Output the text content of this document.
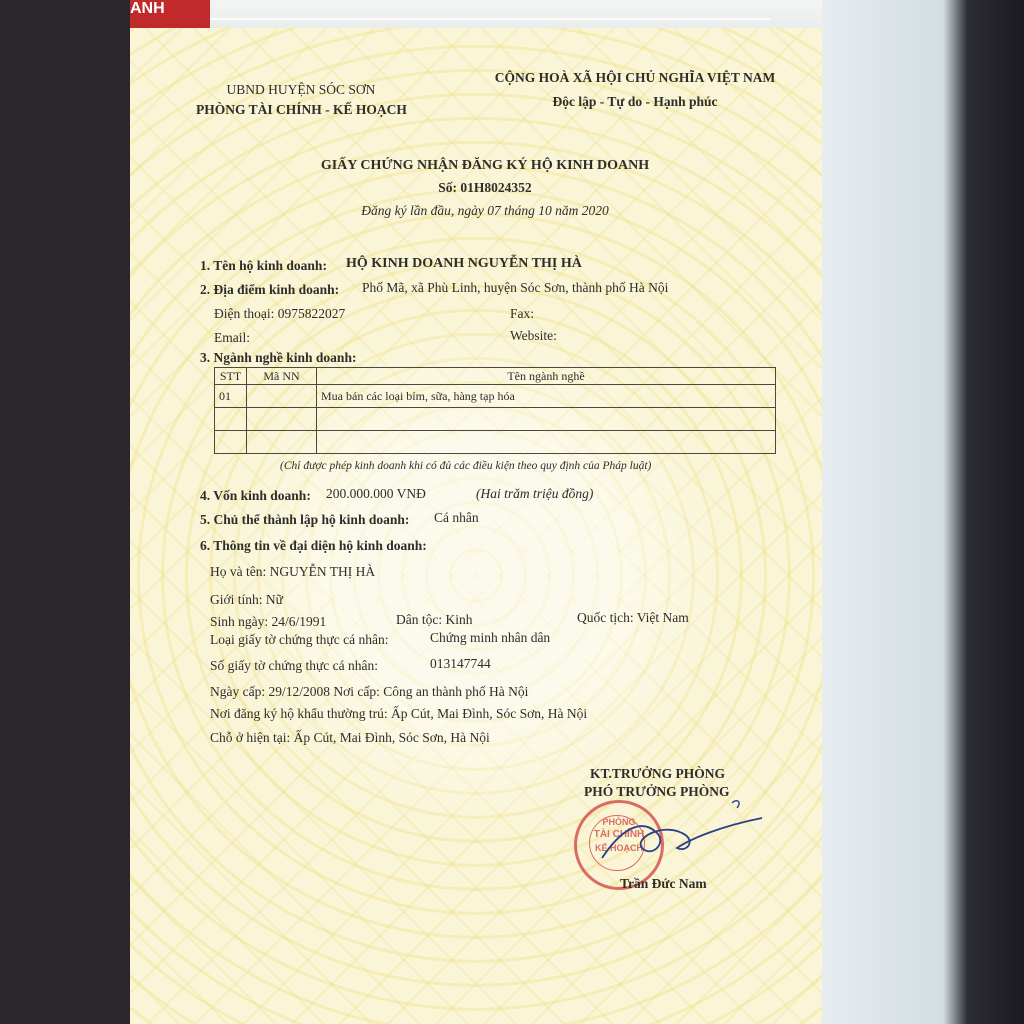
ANH
UBND HUYỆN SÓC SƠN
PHÒNG TÀI CHÍNH - KẾ HOẠCH
CỘNG HOÀ XÃ HỘI CHỦ NGHĨA VIỆT NAM
Độc lập - Tự do - Hạnh phúc
GIẤY CHỨNG NHẬN ĐĂNG KÝ HỘ KINH DOANH
Số: 01H8024352
Đăng ký lần đầu, ngày 07 tháng 10 năm 2020
1. Tên hộ kinh doanh: HỘ KINH DOANH NGUYỄN THỊ HÀ
2. Địa điểm kinh doanh: Phố Mã, xã Phù Linh, huyện Sóc Sơn, thành phố Hà Nội
Điện thoại: 0975822027	Fax:
Email:	Website:
3. Ngành nghề kinh doanh:
STT	Mã NN	Tên ngành nghề
01		Mua bán các loại bỉm, sữa, hàng tạp hóa

(Chỉ được phép kinh doanh khi có đủ các điều kiện theo quy định của Pháp luật)
4. Vốn kinh doanh: 200.000.000 VNĐ	(Hai trăm triệu đồng)
5. Chủ thể thành lập hộ kinh doanh: Cá nhân
6. Thông tin về đại diện hộ kinh doanh:
Họ và tên: NGUYỄN THỊ HÀ
Giới tính: Nữ
Sinh ngày: 24/6/1991	Dân tộc: Kinh	Quốc tịch: Việt Nam
Loại giấy tờ chứng thực cá nhân:	Chứng minh nhân dân
Số giấy tờ chứng thực cá nhân:	013147744
Ngày cấp: 29/12/2008 Nơi cấp: Công an thành phố Hà Nội
Nơi đăng ký hộ khẩu thường trú: Ấp Cút, Mai Đình, Sóc Sơn, Hà Nội
Chỗ ở hiện tại: Ấp Cút, Mai Đình, Sóc Sơn, Hà Nội
KT.TRƯỞNG PHÒNG
PHÓ TRƯỞNG PHÒNG
PHÒNG
TÀI CHÍNH
KẾ HOẠCH
Trần Đức Nam
